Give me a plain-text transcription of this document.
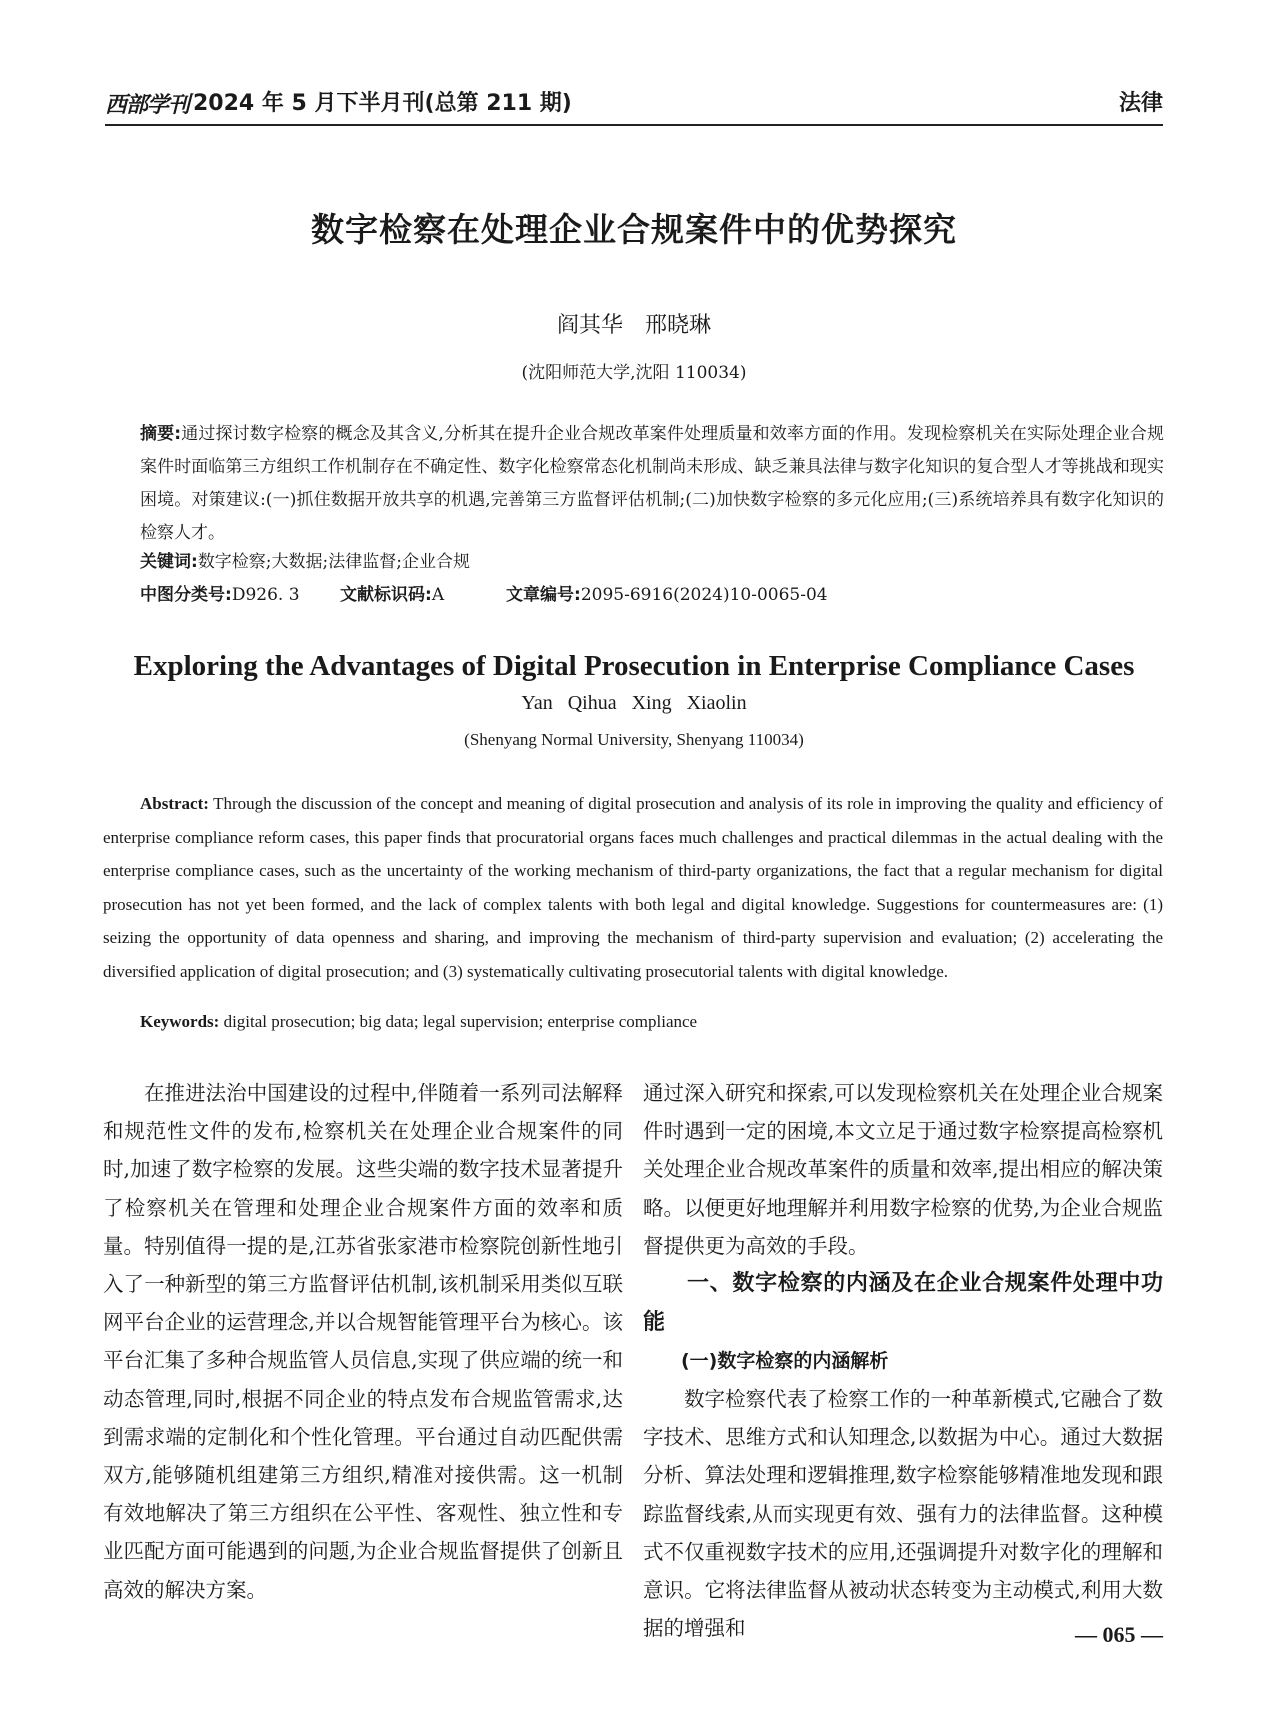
西部学刊 2024 年 5 月下半月刊(总第 211 期)	法律
数字检察在处理企业合规案件中的优势探究
阎其华　邢晓琳
(沈阳师范大学,沈阳 110034)

摘要:通过探讨数字检察的概念及其含义,分析其在提升企业合规改革案件处理质量和效率方面的作用。发现检察机关在实际处理企业合规案件时面临第三方组织工作机制存在不确定性、数字化检察常态化机制尚未形成、缺乏兼具法律与数字化知识的复合型人才等挑战和现实困境。对策建议:(一)抓住数据开放共享的机遇,完善第三方监督评估机制;(二)加快数字检察的多元化应用;(三)系统培养具有数字化知识的检察人才。

关键词:数字检察;大数据;法律监督;企业合规

中图分类号:D926. 3 文献标识码:A	文章编号:2095-6916(2024)10-0065-04
Exploring the Advantages of Digital Prosecution in Enterprise Compliance Cases
Yan Qihua Xing Xiaolin
(Shenyang Normal University, Shenyang 110034)

Abstract: Through the discussion of the concept and meaning of digital prosecution and analysis of its role in improving the quality and efficiency of enterprise compliance reform cases, this paper finds that procuratorial organs faces much challenges and practical dilemmas in the actual dealing with the enterprise compliance cases, such as the uncertainty of the working mechanism of third-party organizations, the fact that a regular mechanism for digital prosecution has not yet been formed, and the lack of complex talents with both legal and digital knowledge. Suggestions for countermeasures are: (1) seizing the opportunity of data openness and sharing, and improving the mechanism of third-party supervision and evaluation; (2) accelerating the diversified application of digital prosecution; and (3) systematically cultivating prosecutorial talents with digital knowledge.

Keywords: digital prosecution; big data; legal supervision; enterprise compliance

在推进法治中国建设的过程中,伴随着一系列司法解释和规范性文件的发布,检察机关在处理企业合规案件的同时,加速了数字检察的发展。这些尖端的数字技术显著提升了检察机关在管理和处理企业合规案件方面的效率和质量。特别值得一提的是,江苏省张家港市检察院创新性地引入了一种新型的第三方监督评估机制,该机制采用类似互联网平台企业的运营理念,并以合规智能管理平台为核心。该平台汇集了多种合规监管人员信息,实现了供应端的统一和动态管理,同时,根据不同企业的特点发布合规监管需求,达到需求端的定制化和个性化管理。平台通过自动匹配供需双方,能够随机组建第三方组织,精准对接供需。这一机制有效地解决了第三方组织在公平性、客观性、独立性和专业匹配方面可能遇到的问题,为企业合规监督提供了创新且高效的解决方案。

通过深入研究和探索,可以发现检察机关在处理企业合规案件时遇到一定的困境,本文立足于通过数字检察提高检察机关处理企业合规改革案件的质量和效率,提出相应的解决策略。以便更好地理解并利用数字检察的优势,为企业合规监督提供更为高效的手段。

一、数字检察的内涵及在企业合规案件处理中功能

(一)数字检察的内涵解析

数字检察代表了检察工作的一种革新模式,它融合了数字技术、思维方式和认知理念,以数据为中心。通过大数据分析、算法处理和逻辑推理,数字检察能够精准地发现和跟踪监督线索,从而实现更有效、强有力的法律监督。这种模式不仅重视数字技术的应用,还强调提升对数字化的理解和意识。它将法律监督从被动状态转变为主动模式,利用大数据的增强和	— 065 —
